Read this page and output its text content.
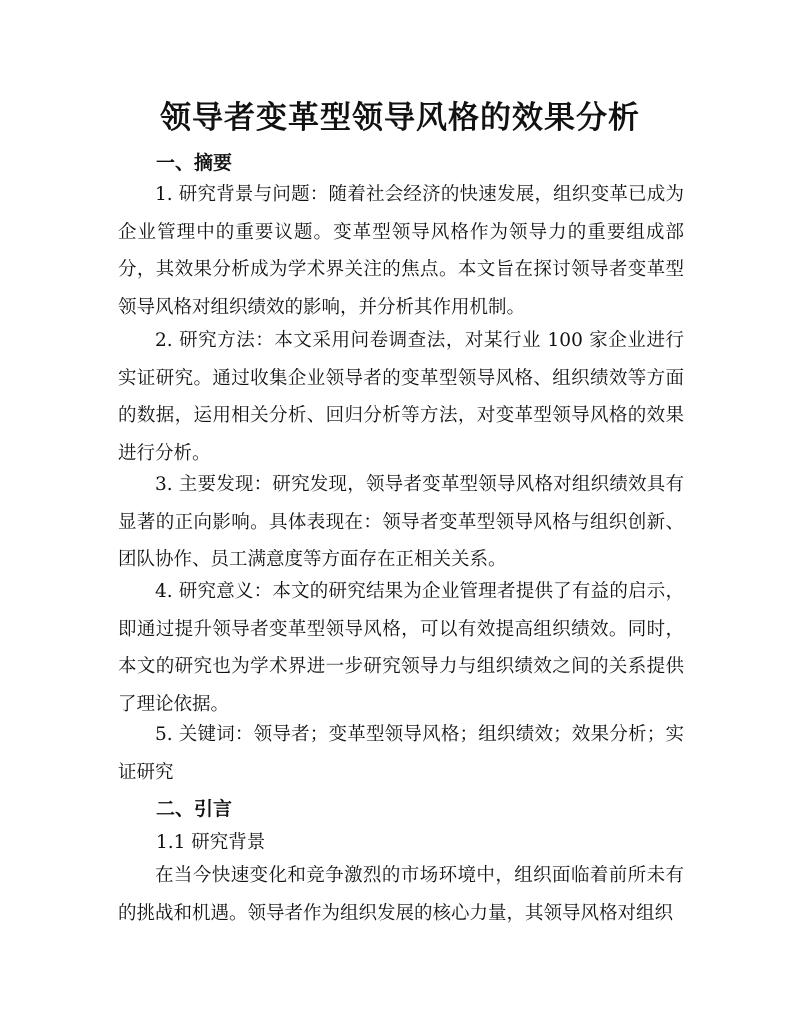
领导者变革型领导风格的效果分析
一、摘要

1. 研究背景与问题：随着社会经济的快速发展，组织变革已成为企业管理中的重要议题。变革型领导风格作为领导力的重要组成部分，其效果分析成为学术界关注的焦点。本文旨在探讨领导者变革型领导风格对组织绩效的影响，并分析其作用机制。

2. 研究方法：本文采用问卷调查法，对某行业 100 家企业进行实证研究。通过收集企业领导者的变革型领导风格、组织绩效等方面的数据，运用相关分析、回归分析等方法，对变革型领导风格的效果进行分析。

3. 主要发现：研究发现，领导者变革型领导风格对组织绩效具有显著的正向影响。具体表现在：领导者变革型领导风格与组织创新、团队协作、员工满意度等方面存在正相关关系。

4. 研究意义：本文的研究结果为企业管理者提供了有益的启示，即通过提升领导者变革型领导风格，可以有效提高组织绩效。同时，本文的研究也为学术界进一步研究领导力与组织绩效之间的关系提供了理论依据。

5. 关键词：领导者；变革型领导风格；组织绩效；效果分析；实证研究

二、引言

1.1 研究背景

在当今快速变化和竞争激烈的市场环境中，组织面临着前所未有的挑战和机遇。领导者作为组织发展的核心力量，其领导风格对组织
